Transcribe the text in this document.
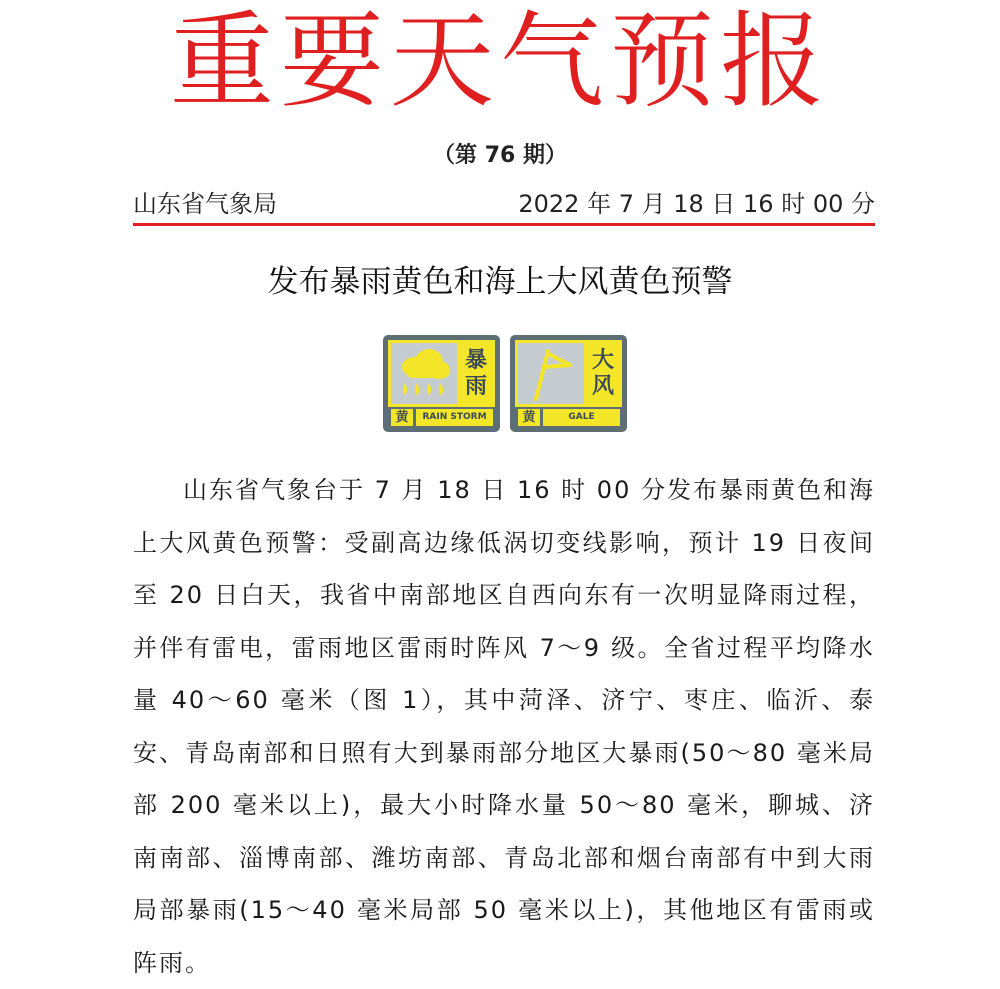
重要天气预报
（第 76 期）
山东省气象局	2022 年 7 月 18 日 16 时 00 分
发布暴雨黄色和海上大风黄色预警
暴
雨
黄	RAIN STORM
大
风
黄	GALE

山东省气象台于 7 月 18 日 16 时 00 分发布暴雨黄色和海上大风黄色预警：受副高边缘低涡切变线影响，预计 19 日夜间至 20 日白天，我省中南部地区自西向东有一次明显降雨过程，并伴有雷电，雷雨地区雷雨时阵风 7～9 级。全省过程平均降水量 40～60 毫米（图 1），其中菏泽、济宁、枣庄、临沂、泰安、青岛南部和日照有大到暴雨部分地区大暴雨(50～80 毫米局部 200 毫米以上)，最大小时降水量 50～80 毫米，聊城、济南南部、淄博南部、潍坊南部、青岛北部和烟台南部有中到大雨局部暴雨(15～40 毫米局部 50 毫米以上)，其他地区有雷雨或阵雨。
